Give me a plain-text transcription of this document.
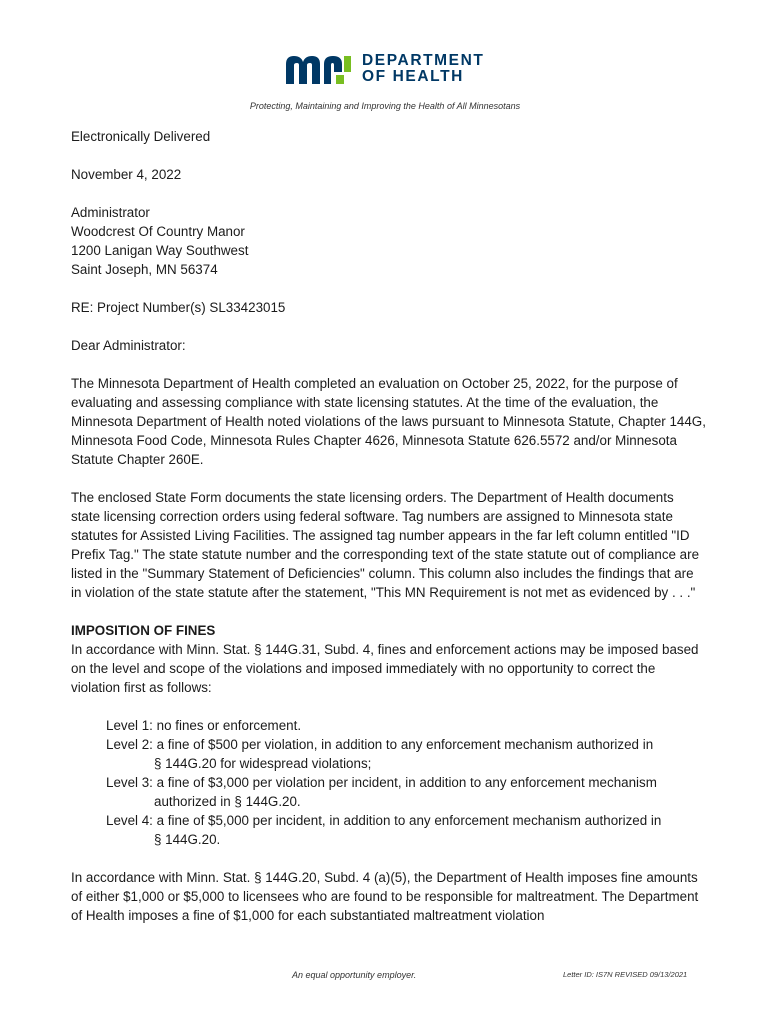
DEPARTMENT
OF HEALTH
Protecting, Maintaining and Improving the Health of All Minnesotans

Electronically Delivered

November 4, 2022

Administrator
Woodcrest Of Country Manor
1200 Lanigan Way Southwest
Saint Joseph, MN 56374

RE: Project Number(s) SL33423015

Dear Administrator:

The Minnesota Department of Health completed an evaluation on October 25, 2022, for the purpose of evaluating and assessing compliance with state licensing statutes. At the time of the evaluation, the Minnesota Department of Health noted violations of the laws pursuant to Minnesota Statute, Chapter 144G, Minnesota Food Code, Minnesota Rules Chapter 4626, Minnesota Statute 626.5572 and/or Minnesota Statute Chapter 260E.

The enclosed State Form documents the state licensing orders. The Department of Health documents state licensing correction orders using federal software. Tag numbers are assigned to Minnesota state statutes for Assisted Living Facilities. The assigned tag number appears in the far left column entitled "ID Prefix Tag." The state statute number and the corresponding text of the state statute out of compliance are listed in the "Summary Statement of Deficiencies" column. This column also includes the findings that are in violation of the state statute after the statement, "This MN Requirement is not met as evidenced by . . ."

IMPOSITION OF FINES

In accordance with Minn. Stat. § 144G.31, Subd. 4, fines and enforcement actions may be imposed based on the level and scope of the violations and imposed immediately with no opportunity to correct the violation first as follows:

Level 1: no fines or enforcement.
Level 2: a fine of $500 per violation, in addition to any enforcement mechanism authorized in
§ 144G.20 for widespread violations;
Level 3: a fine of $3,000 per violation per incident, in addition to any enforcement mechanism
authorized in § 144G.20.
Level 4: a fine of $5,000 per incident, in addition to any enforcement mechanism authorized in
§ 144G.20.

In accordance with Minn. Stat. § 144G.20, Subd. 4 (a)(5), the Department of Health imposes fine amounts of either $1,000 or $5,000 to licensees who are found to be responsible for maltreatment. The Department of Health imposes a fine of $1,000 for each substantiated maltreatment violation

An equal opportunity employer.	Letter ID: IS7N REVISED 09/13/2021
